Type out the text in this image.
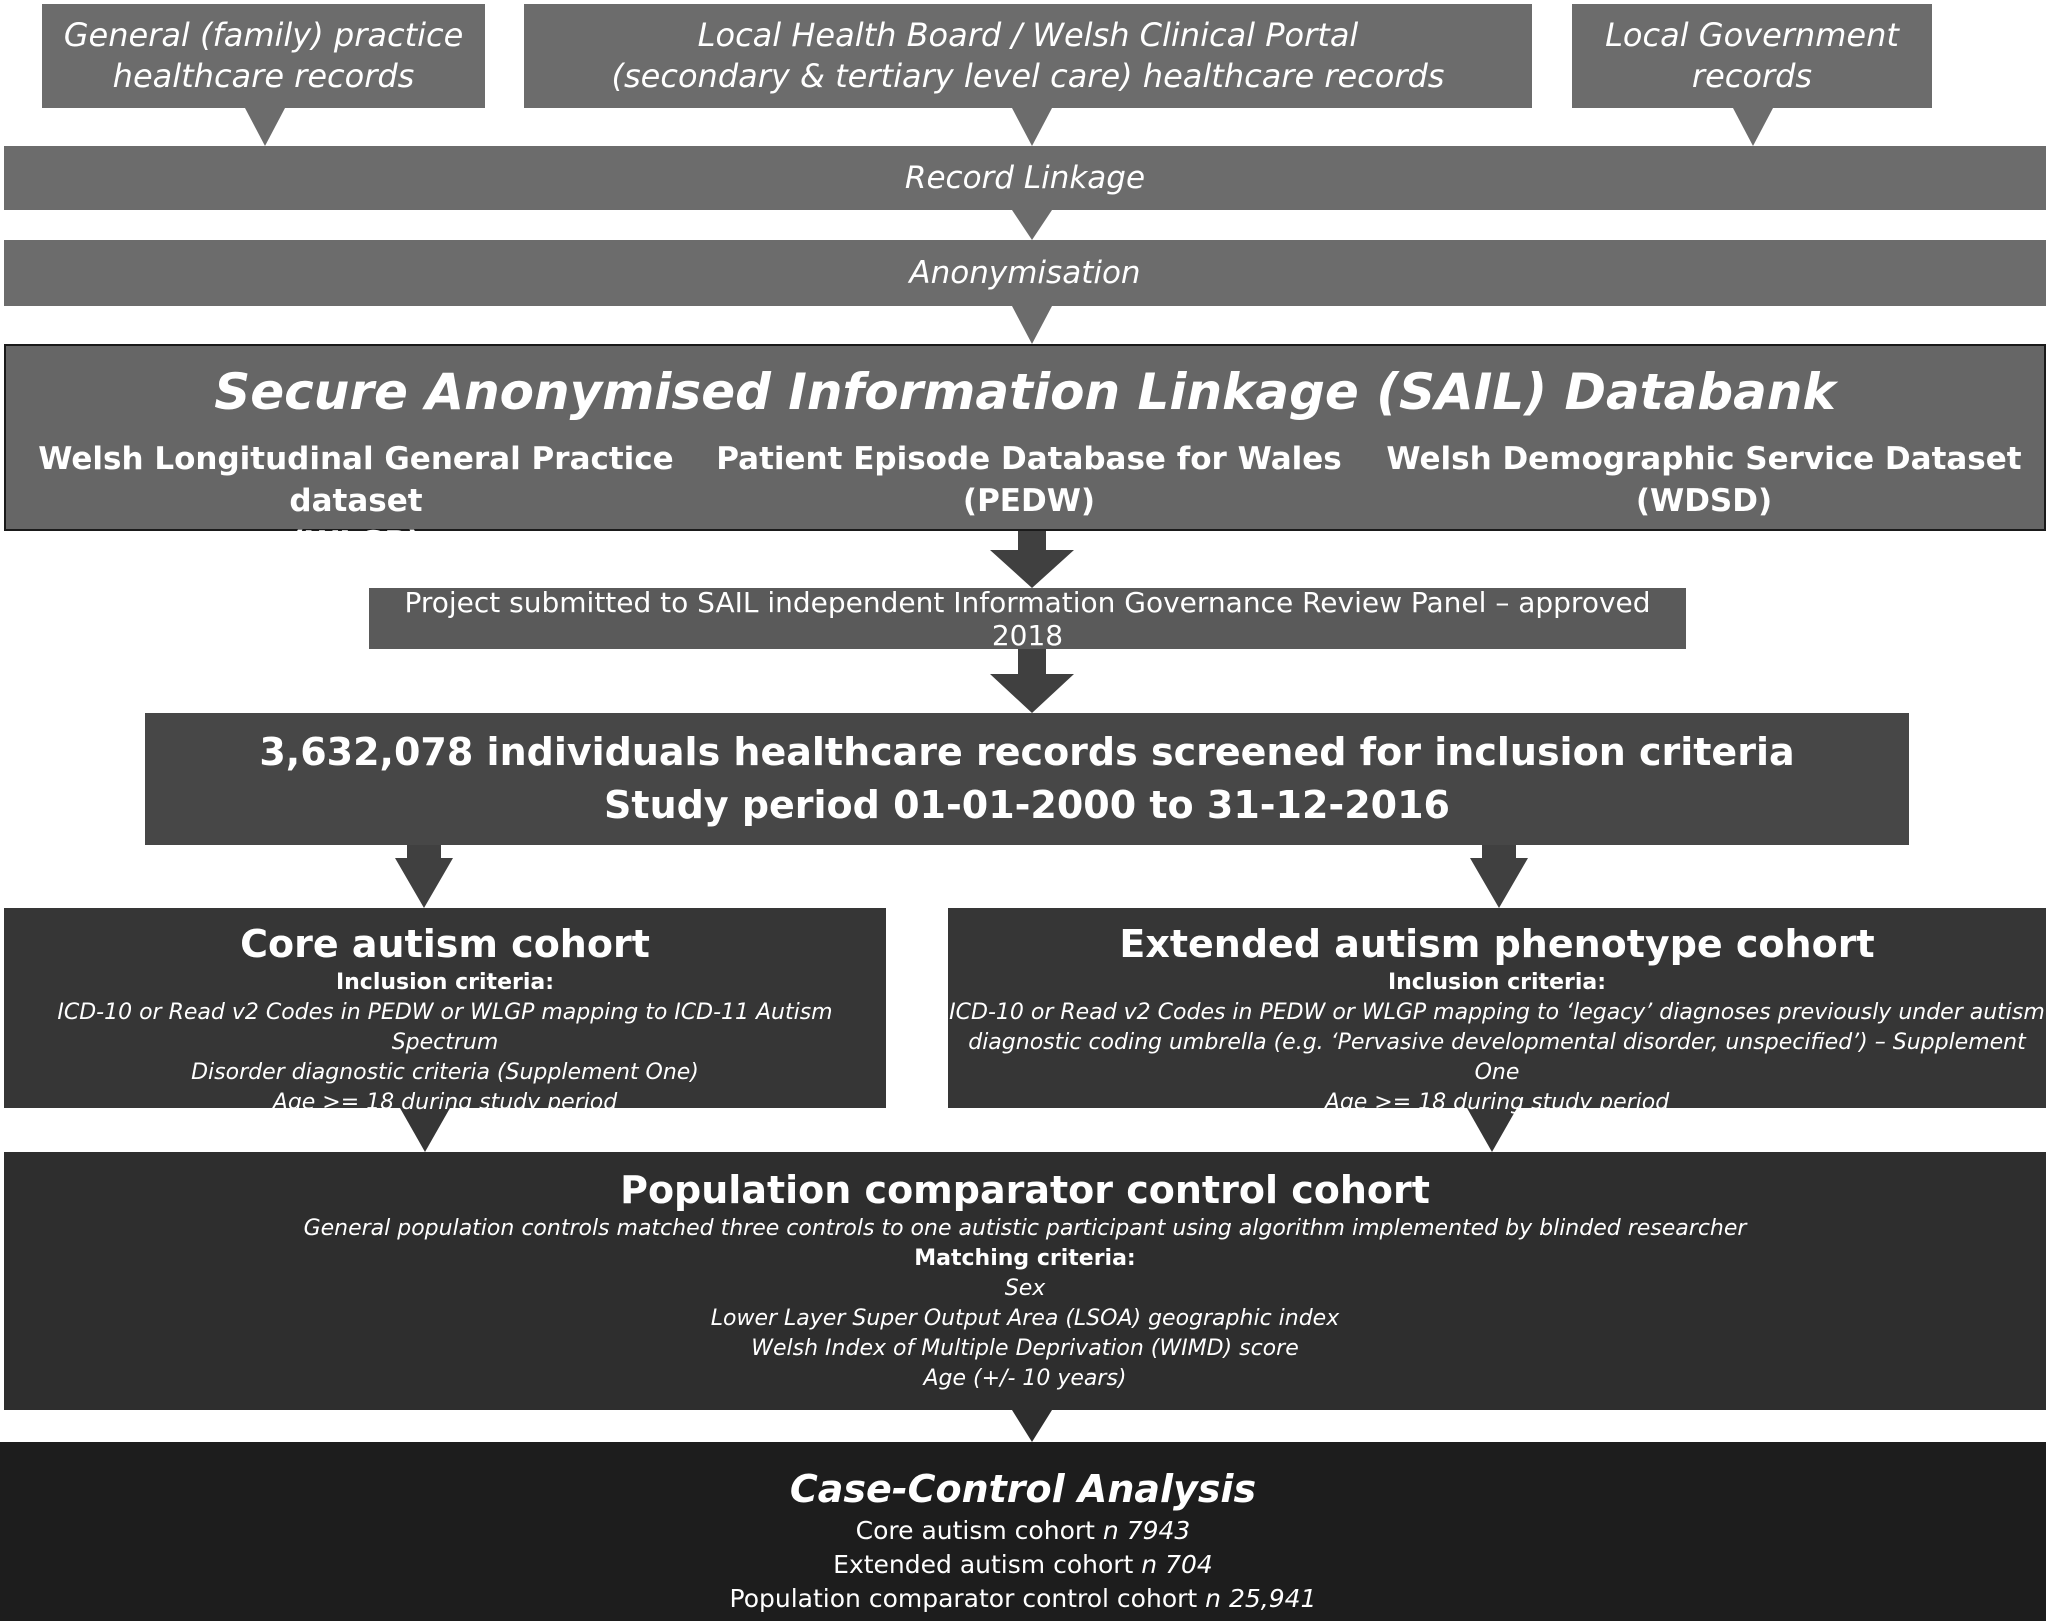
General (family) practice
healthcare records
Local Health Board / Welsh Clinical Portal
(secondary & tertiary level care) healthcare records
Local Government
records
Record Linkage
Anonymisation
Secure Anonymised Information Linkage (SAIL) Databank
Welsh Longitudinal General Practice dataset
(WLGP)
Patient Episode Database for Wales
(PEDW)
Welsh Demographic Service Dataset
(WDSD)
Project submitted to SAIL independent Information Governance Review Panel – approved 2018
3,632,078 individuals healthcare records screened for inclusion criteria
Study period 01-01-2000 to 31-12-2016
Core autism cohort
Inclusion criteria:
ICD-10 or Read v2 Codes in PEDW or WLGP mapping to ICD-11 Autism Spectrum
Disorder diagnostic criteria (Supplement One)
Age >= 18 during study period
Extended autism phenotype cohort
Inclusion criteria:
ICD-10 or Read v2 Codes in PEDW or WLGP mapping to ‘legacy’ diagnoses previously under autism
diagnostic coding umbrella (e.g. ‘Pervasive developmental disorder, unspecified’) – Supplement One
Age >= 18 during study period
Population comparator control cohort
General population controls matched three controls to one autistic participant using algorithm implemented by blinded researcher
Matching criteria:
Sex
Lower Layer Super Output Area (LSOA) geographic index
Welsh Index of Multiple Deprivation (WIMD) score
Age (+/- 10 years)
Case-Control Analysis
Core autism cohort n 7943
Extended autism cohort n 704
Population comparator control cohort n 25,941
